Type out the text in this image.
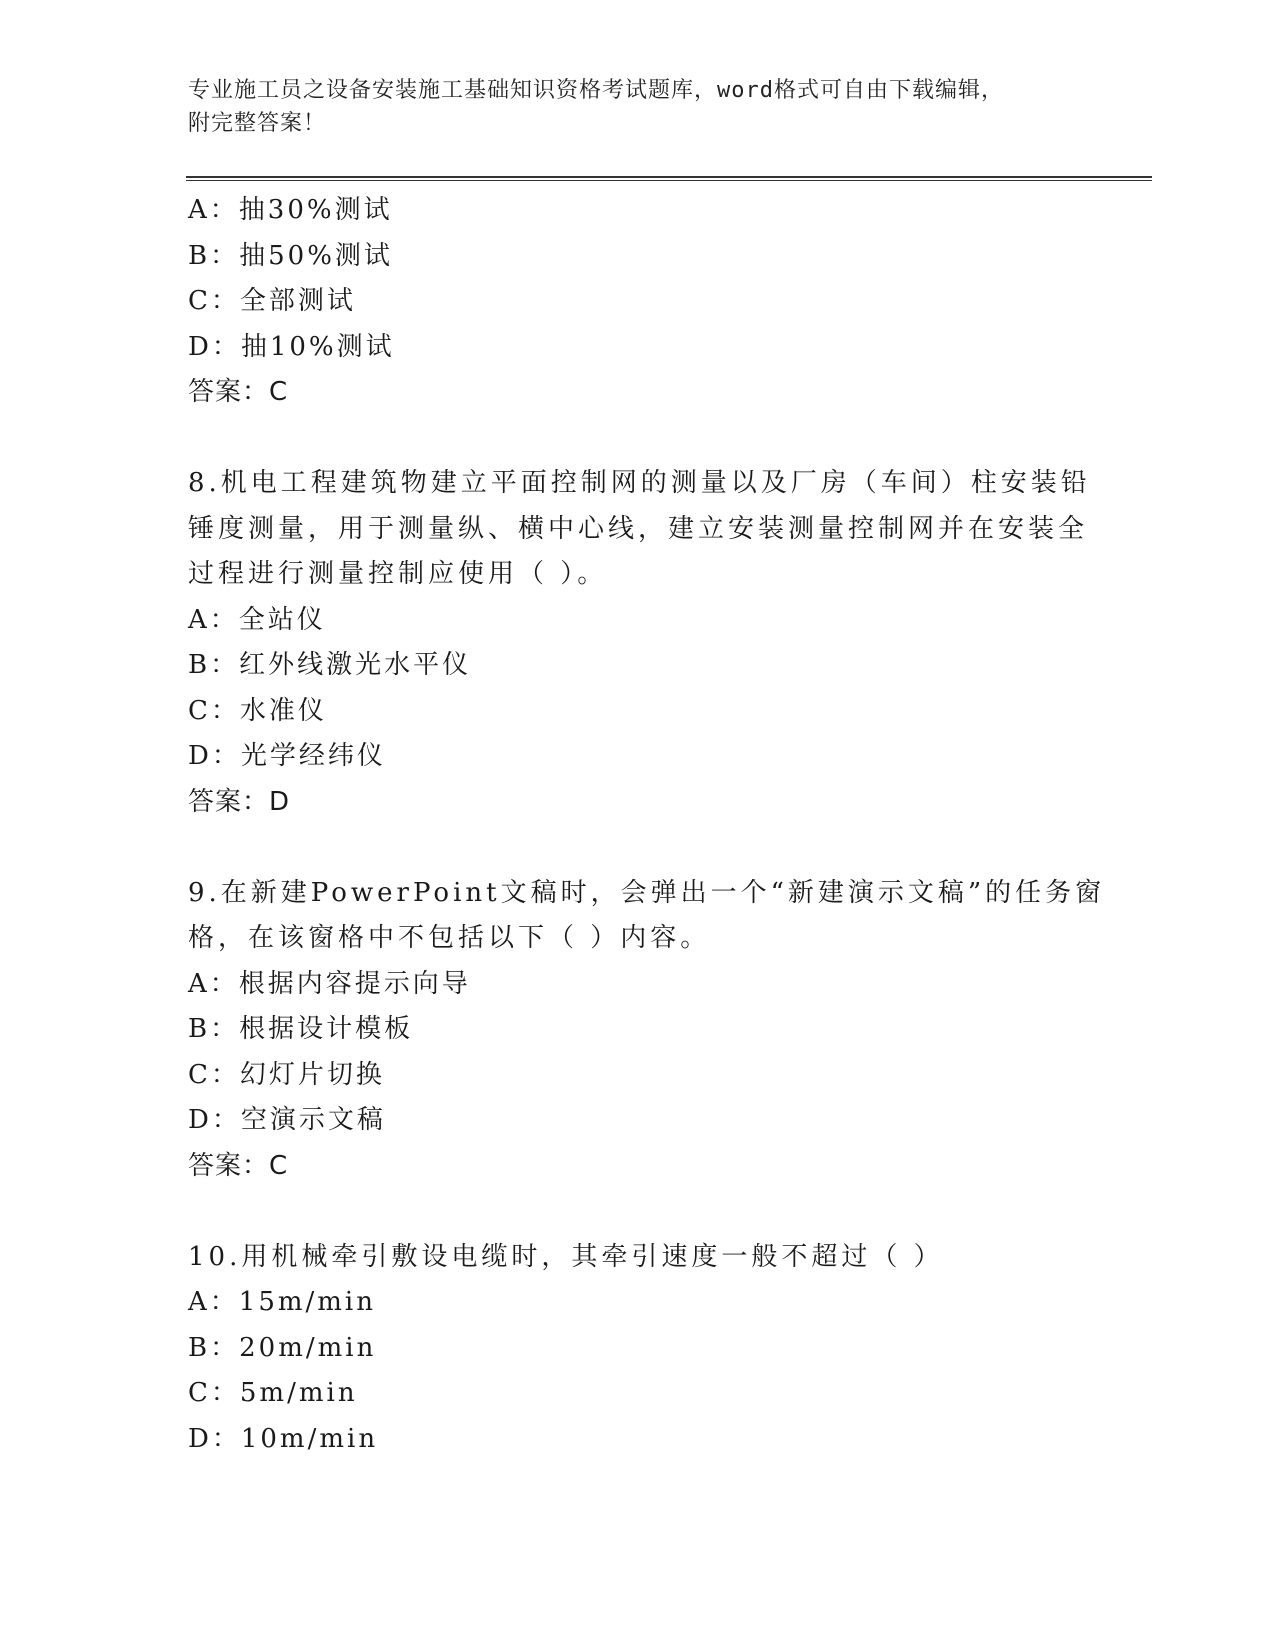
专业施工员之设备安装施工基础知识资格考试题库，word格式可自由下载编辑，
附完整答案！
A：抽30%测试
B：抽50%测试
C：全部测试
D：抽10%测试
答案：C
8.机电工程建筑物建立平面控制网的测量以及厂房（车间）柱安装铅
锤度测量，用于测量纵、横中心线，建立安装测量控制网并在安装全
过程进行测量控制应使用（ ）。
A：全站仪
B：红外线激光水平仪
C：水准仪
D：光学经纬仪
答案：D
9.在新建PowerPoint文稿时，会弹出一个“新建演示文稿”的任务窗
格，在该窗格中不包括以下（ ）内容。
A：根据内容提示向导
B：根据设计模板
C：幻灯片切换
D：空演示文稿
答案：C
10.用机械牵引敷设电缆时，其牵引速度一般不超过（ ）
A：15m/min
B：20m/min
C：5m/min
D：10m/min
